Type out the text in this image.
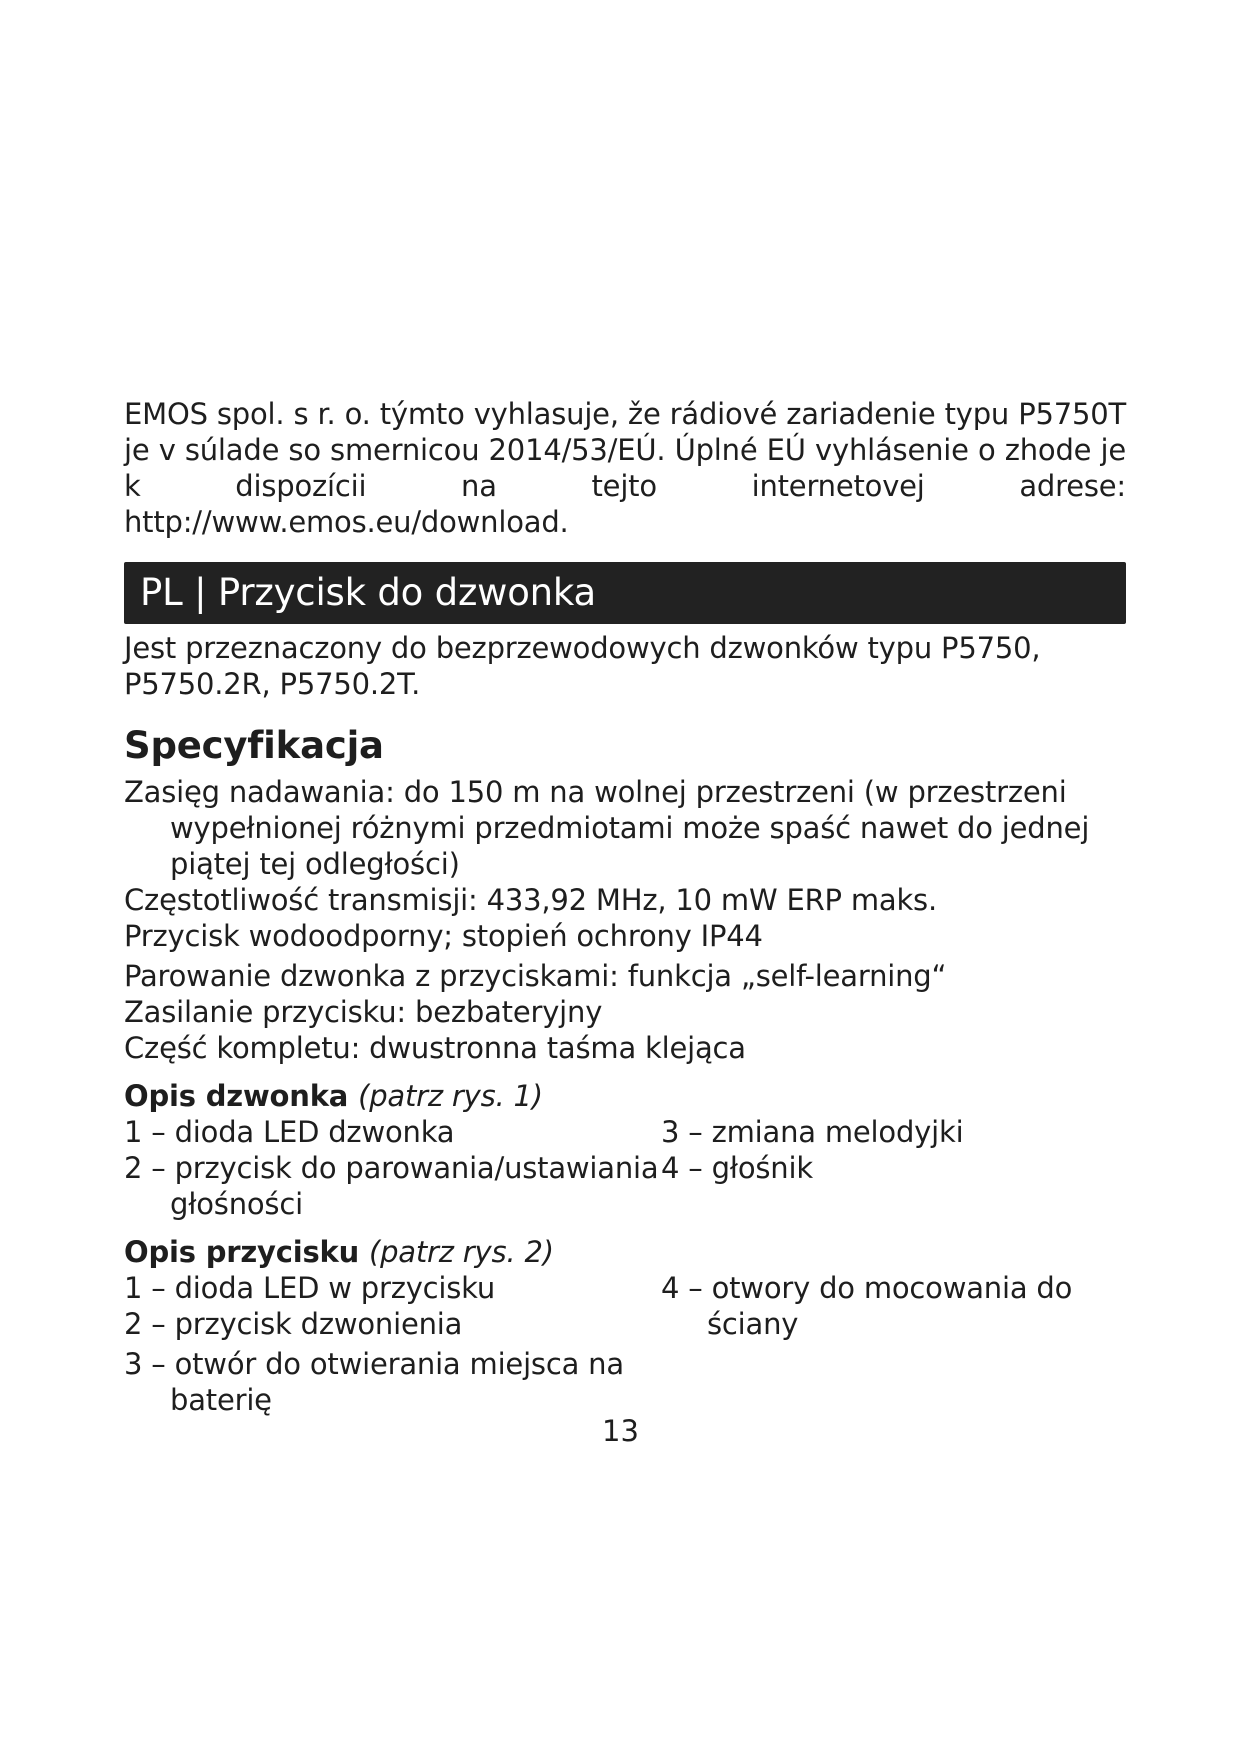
EMOS spol. s r. o. týmto vyhlasuje, že rádiové zariadenie typu P5750T je v súlade so smernicou 2014/53/EÚ. Úplné EÚ vyhlásenie o zhode je k dispozícii na tejto internetovej adrese: http://www.emos.eu/download.

PL | Przycisk do dzwonka

Jest przeznaczony do bezprzewodowych dzwonków typu P5750, P5750.2R, P5750.2T.

Specyfikacja
Zasięg nadawania: do 150 m na wolnej przestrzeni (w przestrzeni wypełnionej różnymi przedmiotami może spaść nawet do jednej piątej tej odległości)
Częstotliwość transmisji: 433,92 MHz, 10 mW ERP maks.
Przycisk wodoodporny; stopień ochrony IP44
Parowanie dzwonka z przyciskami: funkcja „self-learning“
Zasilanie przycisku: bezbateryjny
Część kompletu: dwustronna taśma klejąca
Opis dzwonka (patrz rys. 1)
1 – dioda LED dzwonka
2 – przycisk do parowania/ustawiania głośności
3 – zmiana melodyjki
4 – głośnik
Opis przycisku (patrz rys. 2)
1 – dioda LED w przycisku
2 – przycisk dzwonienia
3 – otwór do otwierania miejsca na baterię
4 – otwory do mocowania do ściany
13
